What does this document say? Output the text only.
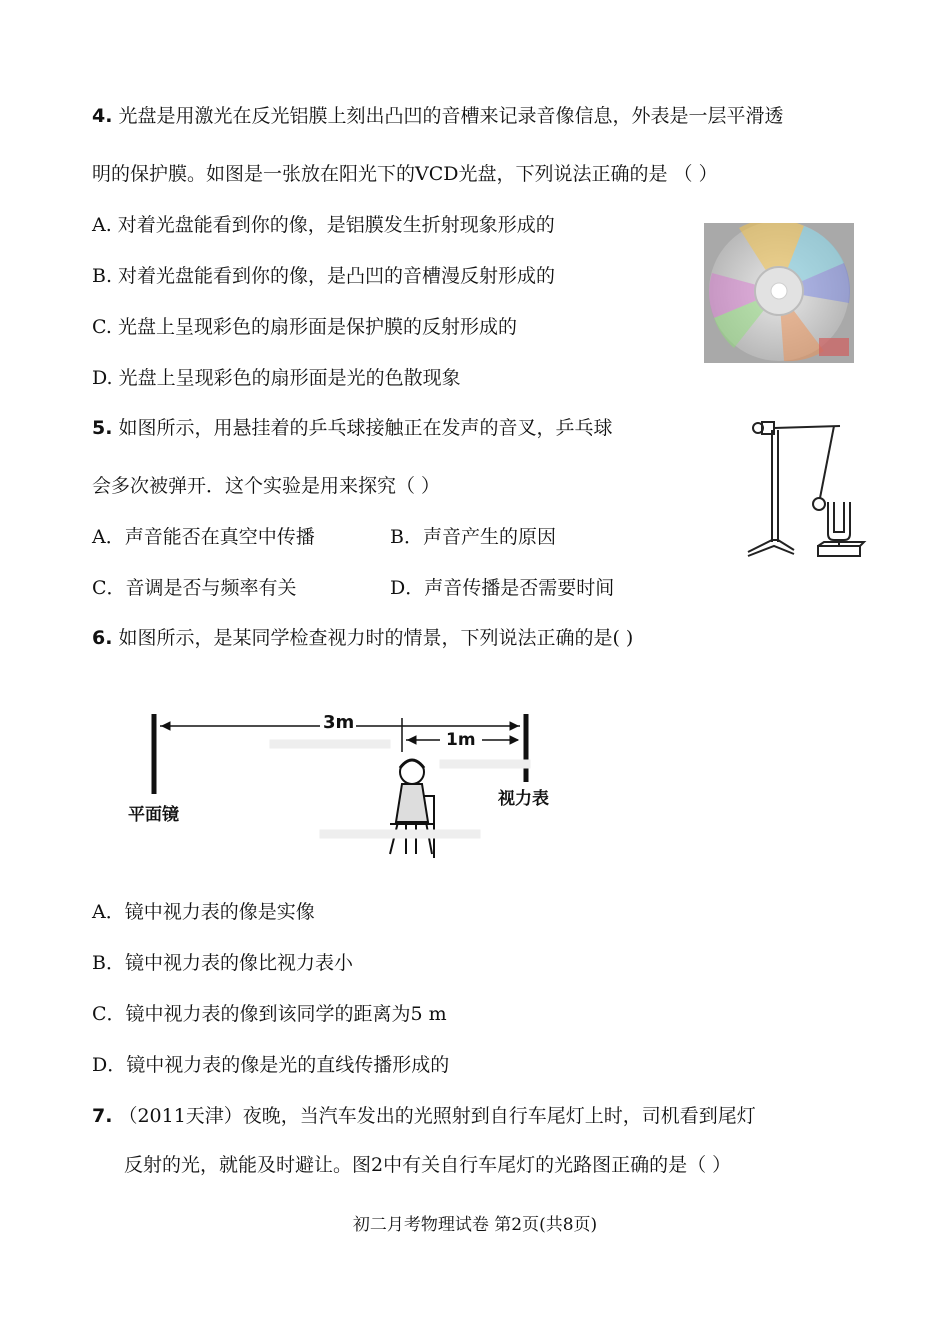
4. 光盘是用激光在反光铝膜上刻出凸凹的音槽来记录音像信息，外表是一层平滑透
明的保护膜。如图是一张放在阳光下的VCD光盘，下列说法正确的是 （ ）
A. 对着光盘能看到你的像，是铝膜发生折射现象形成的
B. 对着光盘能看到你的像，是凸凹的音槽漫反射形成的
C. 光盘上呈现彩色的扇形面是保护膜的反射形成的
D. 光盘上呈现彩色的扇形面是光的色散现象
5. 如图所示，用悬挂着的乒乓球接触正在发声的音叉，乒乓球
会多次被弹开．这个实验是用来探究（ ）
A．声音能否在真空中传播	B．声音产生的原因
C．音调是否与频率有关	D．声音传播是否需要时间
6. 如图所示，是某同学检查视力时的情景，下列说法正确的是( )
3m
1m
平面镜
视力表
A．镜中视力表的像是实像
B．镜中视力表的像比视力表小
C．镜中视力表的像到该同学的距离为5 m
D．镜中视力表的像是光的直线传播形成的
7. （2011天津）夜晚，当汽车发出的光照射到自行车尾灯上时，司机看到尾灯
反射的光，就能及时避让。图2中有关自行车尾灯的光路图正确的是（ ）
初二月考物理试卷 第2页(共8页)
